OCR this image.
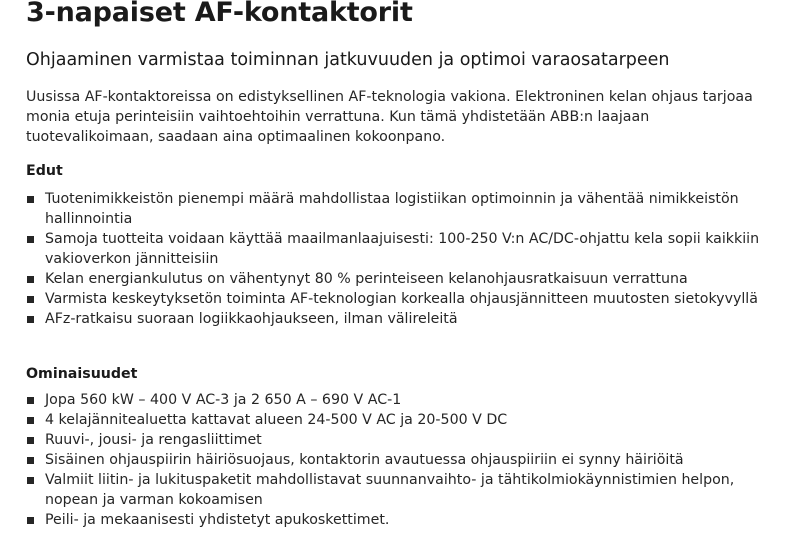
3-napaiset AF-kontaktorit
Ohjaaminen varmistaa toiminnan jatkuvuuden ja optimoi varaosatarpeen

Uusissa AF-kontaktoreissa on edistyksellinen AF-teknologia vakiona. Elektroninen kelan ohjaus tarjoaa monia etuja perinteisiin vaihtoehtoihin verrattuna. Kun tämä yhdistetään ABB:n laajaan tuotevalikoimaan, saadaan aina optimaalinen kokoonpano.

Edut
Tuotenimikkeistön pienempi määrä mahdollistaa logistiikan optimoinnin ja vähentää nimikkeistön hallinnointia
Samoja tuotteita voidaan käyttää maailmanlaajuisesti: 100-250 V:n AC/DC-ohjattu kela sopii kaikkiin vakioverkon jännitteisiin
Kelan energiankulutus on vähentynyt 80 % perinteiseen kelanohjausratkaisuun verrattuna
Varmista keskeytyksetön toiminta AF-teknologian korkealla ohjausjännitteen muutosten sietokyvyllä
AFz-ratkaisu suoraan logiikkaohjaukseen, ilman välireleitä
Ominaisuudet
Jopa 560 kW – 400 V AC-3 ja 2 650 A – 690 V AC-1
4 kelajännitealuetta kattavat alueen 24-500 V AC ja 20-500 V DC
Ruuvi-, jousi- ja rengasliittimet
Sisäinen ohjauspiirin häiriösuojaus, kontaktorin avautuessa ohjauspiiriin ei synny häiriöitä
Valmiit liitin- ja lukituspaketit mahdollistavat suunnanvaihto- ja tähtikolmiokäynnistimien helpon, nopean ja varman kokoamisen
Peili- ja mekaanisesti yhdistetyt apukoskettimet.
